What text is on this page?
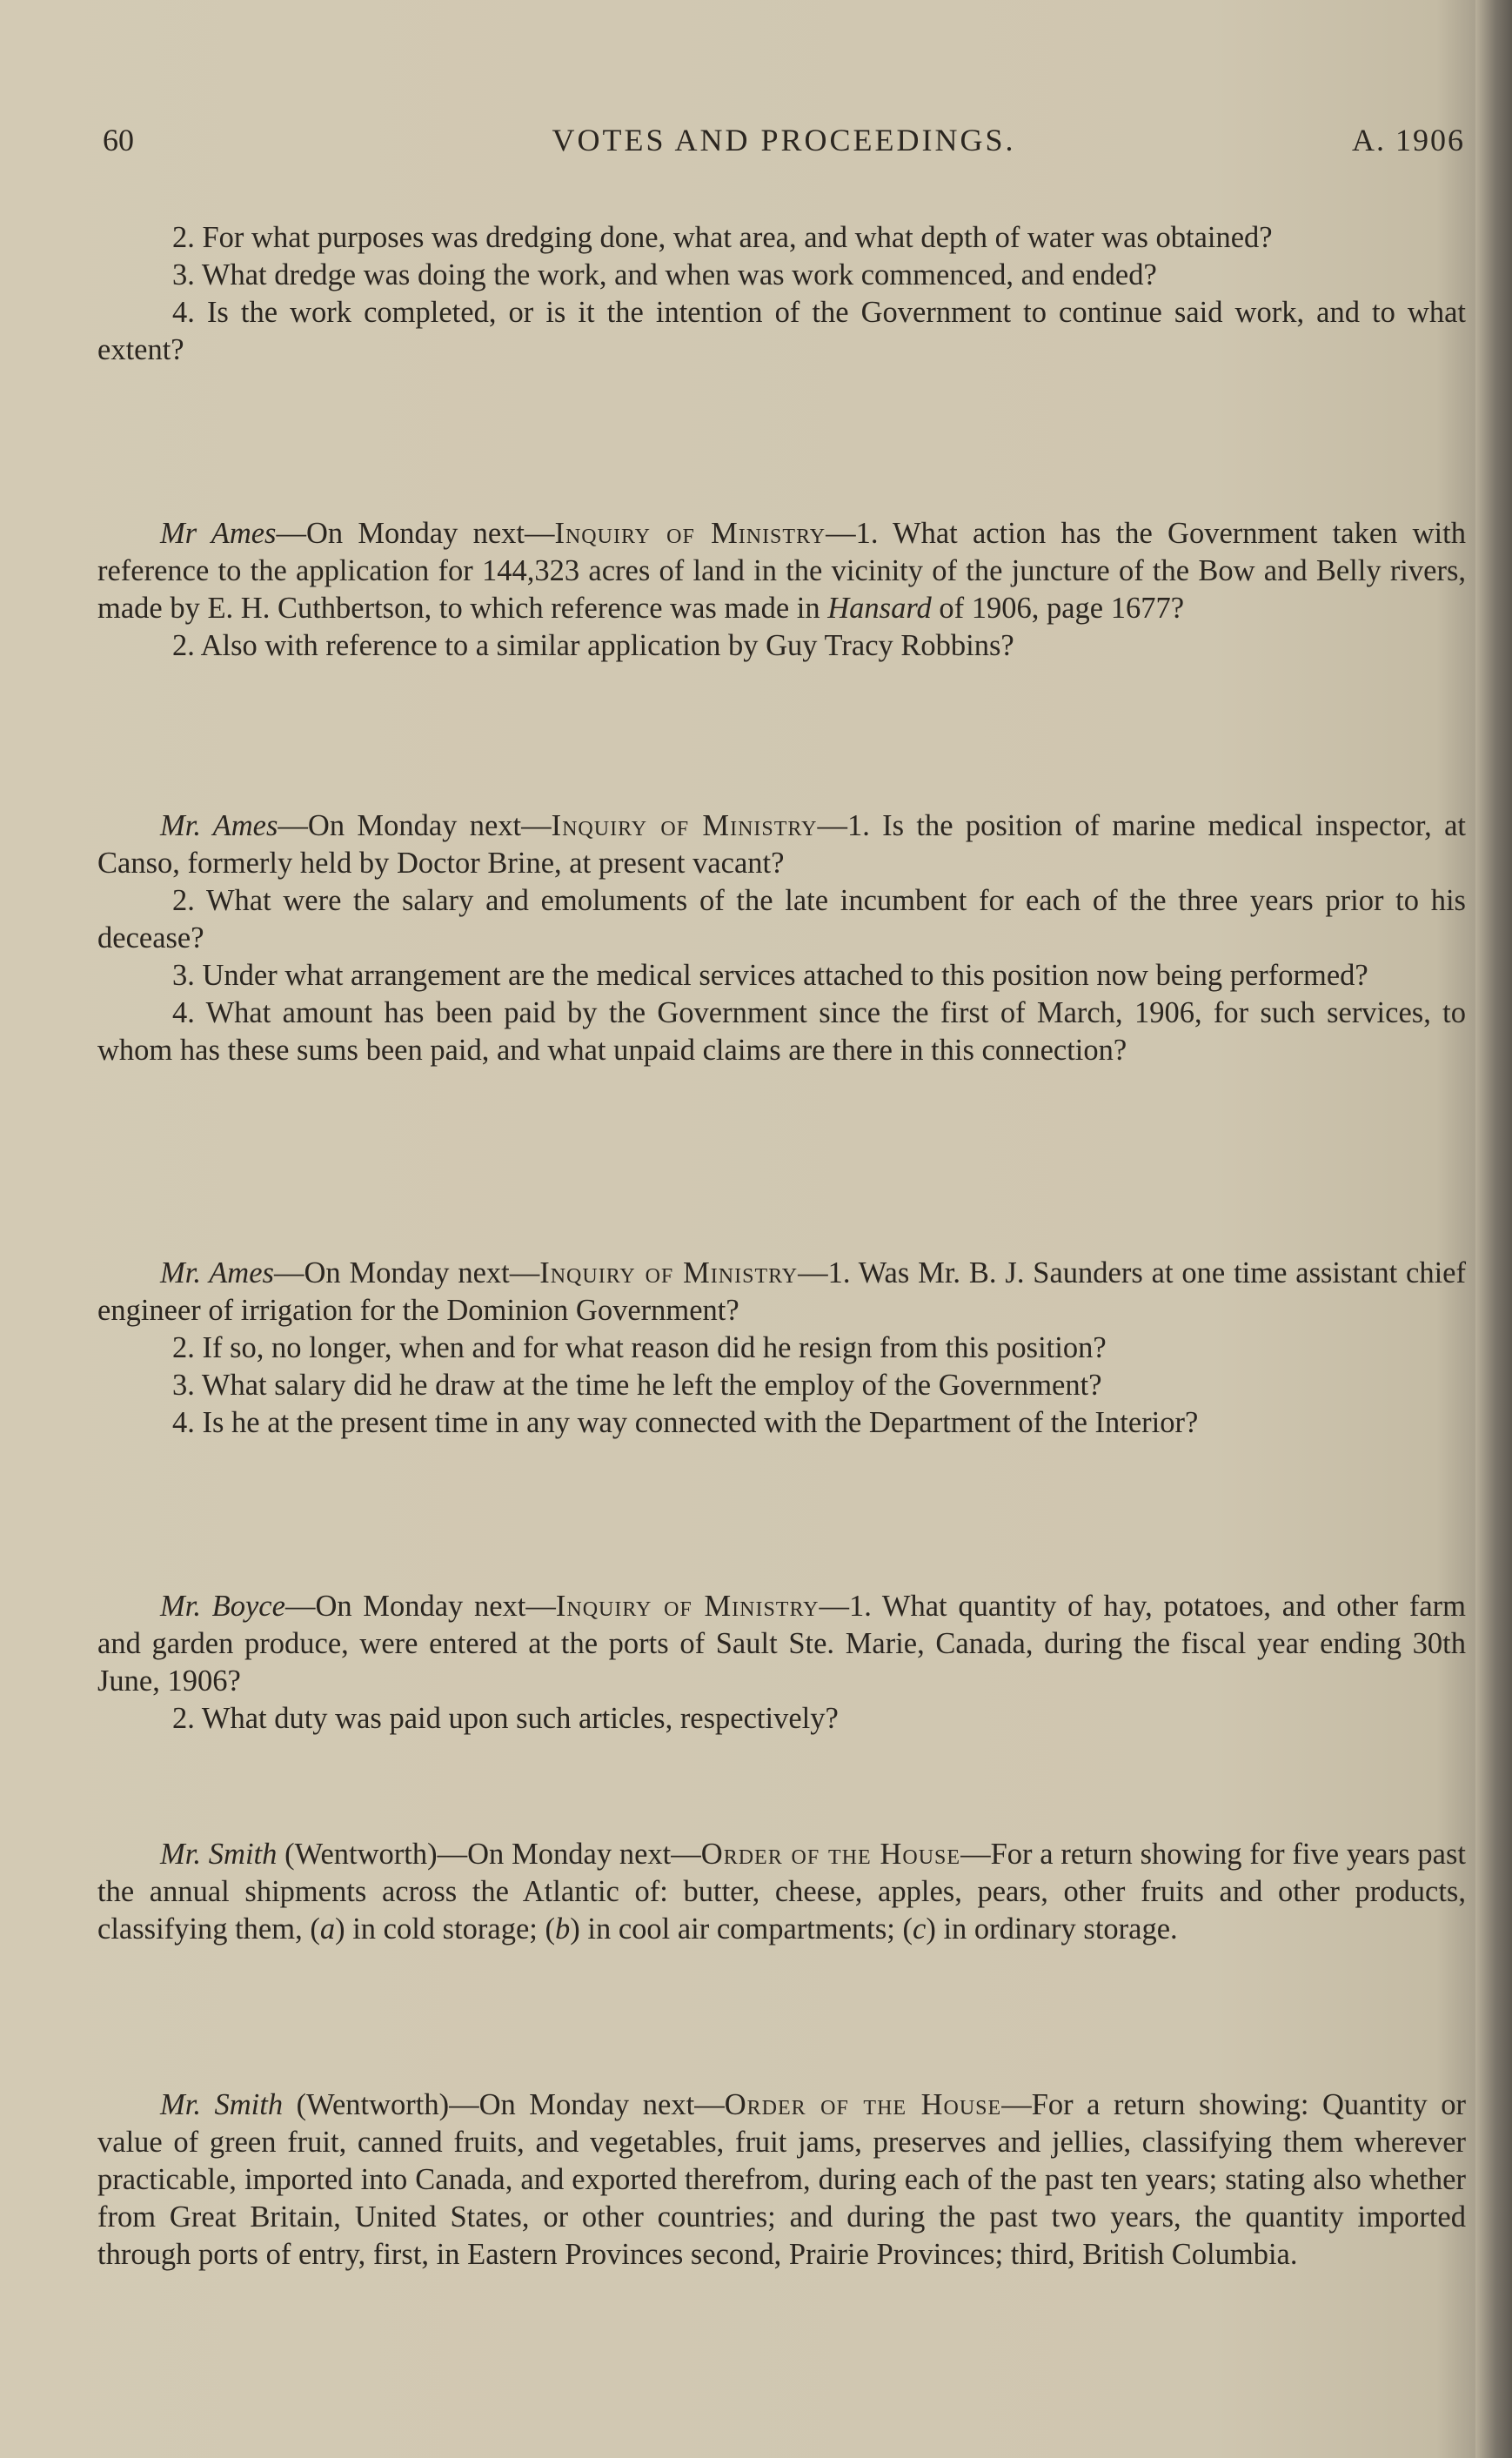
60	VOTES AND PROCEEDINGS.	A. 1906

2. For what purposes was dredging done, what area, and what depth of water was obtained?

3. What dredge was doing the work, and when was work commenced, and ended?

4. Is the work completed, or is it the intention of the Government to continue said work, and to what extent?

Mr Ames—On Monday next—Inquiry of Ministry—1. What action has the Government taken with reference to the application for 144,323 acres of land in the vicinity of the juncture of the Bow and Belly rivers, made by E. H. Cuthbertson, to which reference was made in Hansard of 1906, page 1677?

2. Also with reference to a similar application by Guy Tracy Robbins?

Mr. Ames—On Monday next—Inquiry of Ministry—1. Is the position of marine medical inspector, at Canso, formerly held by Doctor Brine, at present vacant?

2. What were the salary and emoluments of the late incumbent for each of the three years prior to his decease?

3. Under what arrangement are the medical services attached to this position now being performed?

4. What amount has been paid by the Government since the first of March, 1906, for such services, to whom has these sums been paid, and what unpaid claims are there in this connection?

Mr. Ames—On Monday next—Inquiry of Ministry—1. Was Mr. B. J. Saunders at one time assistant chief engineer of irrigation for the Dominion Government?

2. If so, no longer, when and for what reason did he resign from this position?

3. What salary did he draw at the time he left the employ of the Government?

4. Is he at the present time in any way connected with the Department of the Interior?

Mr. Boyce—On Monday next—Inquiry of Ministry—1. What quantity of hay, potatoes, and other farm and garden produce, were entered at the ports of Sault Ste. Marie, Canada, during the fiscal year ending 30th June, 1906?

2. What duty was paid upon such articles, respectively?

Mr. Smith (Wentworth)—On Monday next—Order of the House—For a return showing for five years past the annual shipments across the Atlantic of: butter, cheese, apples, pears, other fruits and other products, classifying them, (a) in cold storage; (b) in cool air compartments; (c) in ordinary storage.

Mr. Smith (Wentworth)—On Monday next—Order of the House—For a return showing: Quantity or value of green fruit, canned fruits, and vegetables, fruit jams, preserves and jellies, classifying them wherever practicable, imported into Canada, and exported therefrom, during each of the past ten years; stating also whether from Great Britain, United States, or other countries; and during the past two years, the quantity imported through ports of entry, first, in Eastern Provinces second, Prairie Provinces; third, British Columbia.
